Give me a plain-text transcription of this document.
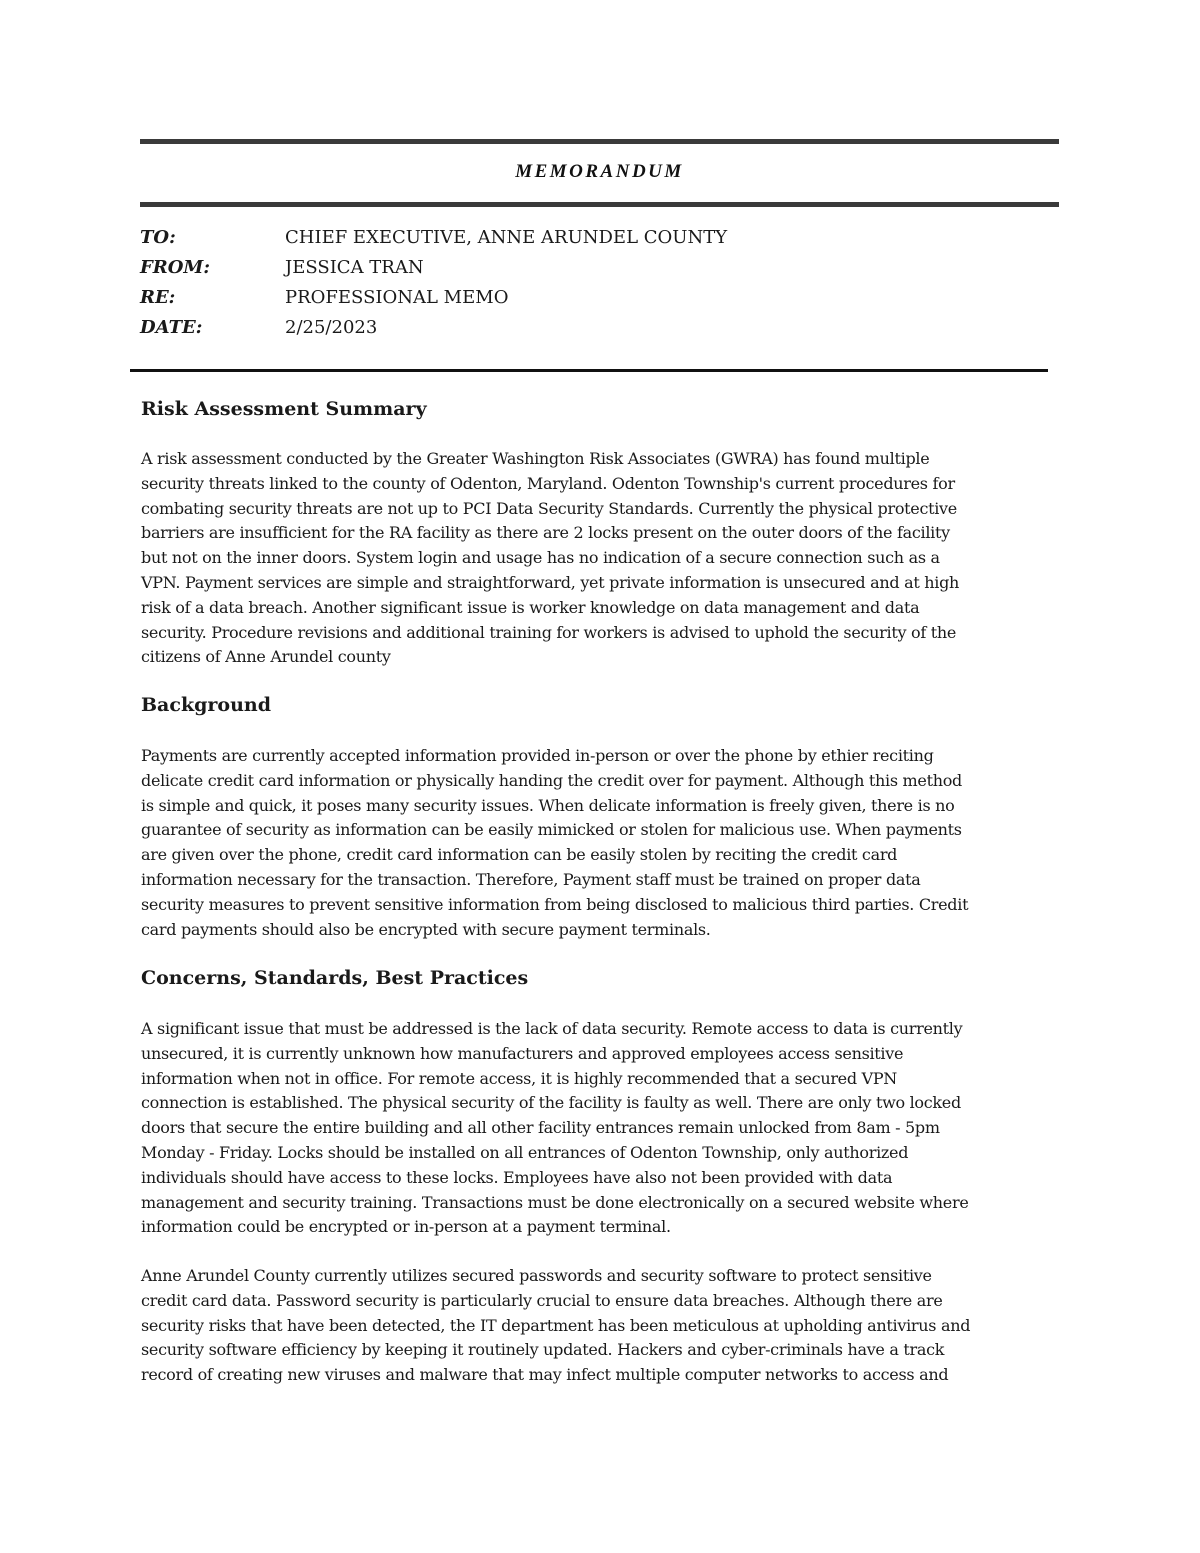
MEMORANDUM
TO:	CHIEF EXECUTIVE, ANNE ARUNDEL COUNTY
FROM:	JESSICA TRAN
RE:	PROFESSIONAL MEMO
DATE:	2/25/2023
Risk Assessment Summary

A risk assessment conducted by the Greater Washington Risk Associates (GWRA) has found multiple
security threats linked to the county of Odenton, Maryland. Odenton Township's current procedures for
combating security threats are not up to PCI Data Security Standards. Currently the physical protective
barriers are insufficient for the RA facility as there are 2 locks present on the outer doors of the facility
but not on the inner doors. System login and usage has no indication of a secure connection such as a
VPN. Payment services are simple and straightforward, yet private information is unsecured and at high
risk of a data breach. Another significant issue is worker knowledge on data management and data
security. Procedure revisions and additional training for workers is advised to uphold the security of the
citizens of Anne Arundel county

Background

Payments are currently accepted information provided in-person or over the phone by ethier reciting
delicate credit card information or physically handing the credit over for payment. Although this method
is simple and quick, it poses many security issues. When delicate information is freely given, there is no
guarantee of security as information can be easily mimicked or stolen for malicious use. When payments
are given over the phone, credit card information can be easily stolen by reciting the credit card
information necessary for the transaction. Therefore, Payment staff must be trained on proper data
security measures to prevent sensitive information from being disclosed to malicious third parties. Credit
card payments should also be encrypted with secure payment terminals.

Concerns, Standards, Best Practices

A significant issue that must be addressed is the lack of data security. Remote access to data is currently
unsecured, it is currently unknown how manufacturers and approved employees access sensitive
information when not in office. For remote access, it is highly recommended that a secured VPN
connection is established. The physical security of the facility is faulty as well. There are only two locked
doors that secure the entire building and all other facility entrances remain unlocked from 8am - 5pm
Monday - Friday. Locks should be installed on all entrances of Odenton Township, only authorized
individuals should have access to these locks. Employees have also not been provided with data
management and security training. Transactions must be done electronically on a secured website where
information could be encrypted or in-person at a payment terminal.

Anne Arundel County currently utilizes secured passwords and security software to protect sensitive
credit card data. Password security is particularly crucial to ensure data breaches. Although there are
security risks that have been detected, the IT department has been meticulous at upholding antivirus and
security software efficiency by keeping it routinely updated. Hackers and cyber-criminals have a track
record of creating new viruses and malware that may infect multiple computer networks to access and
